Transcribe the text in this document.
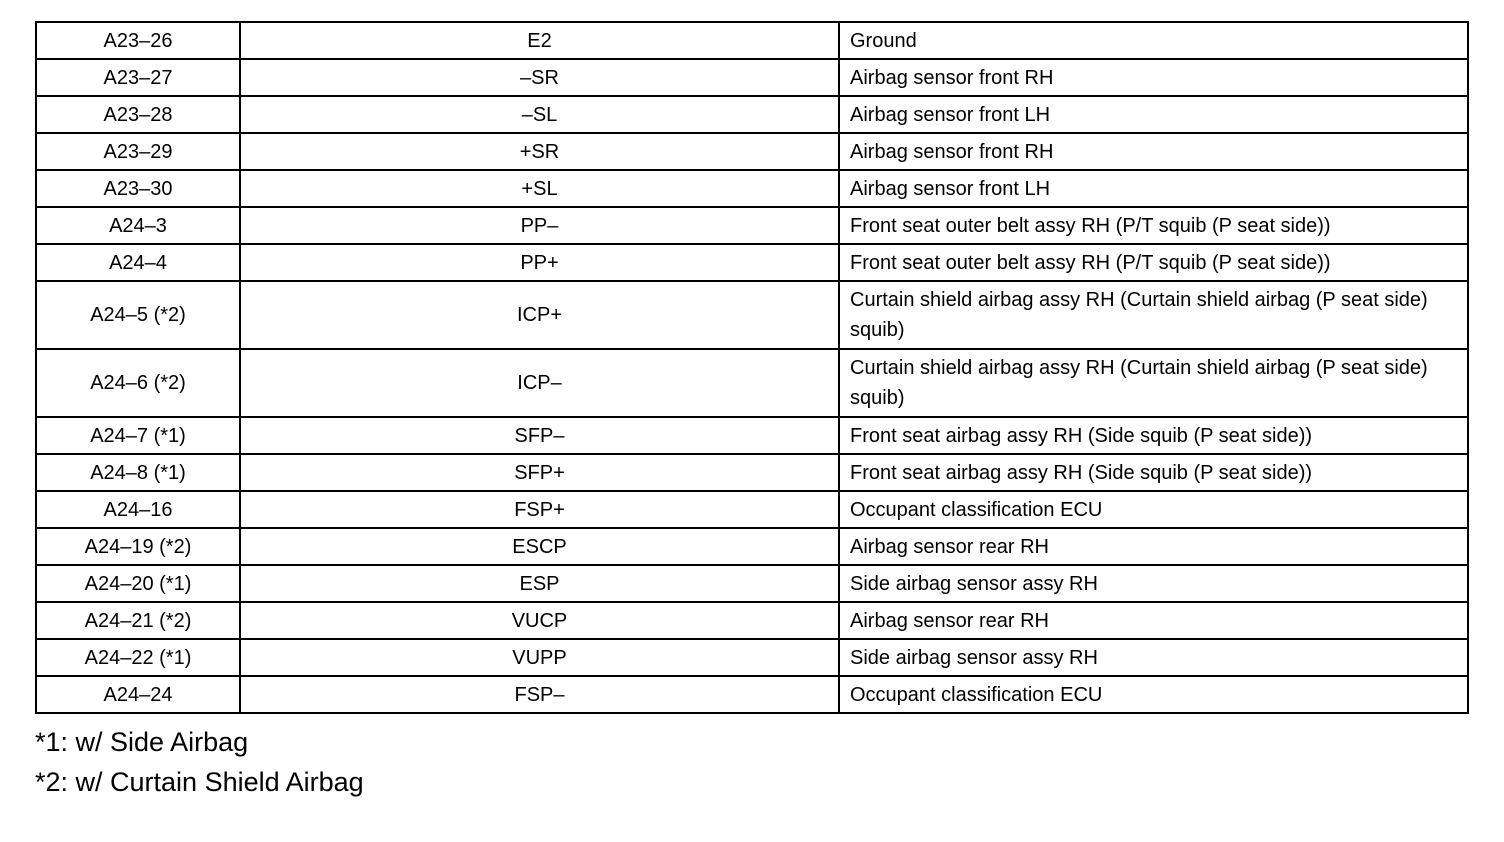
A23–26	E2	Ground
A23–27	–SR	Airbag sensor front RH
A23–28	–SL	Airbag sensor front LH
A23–29	+SR	Airbag sensor front RH
A23–30	+SL	Airbag sensor front LH
A24–3	PP–	Front seat outer belt assy RH (P/T squib (P seat side))
A24–4	PP+	Front seat outer belt assy RH (P/T squib (P seat side))
A24–5 (*2)	ICP+	Curtain shield airbag assy RH (Curtain shield airbag (P seat side) squib)
A24–6 (*2)	ICP–	Curtain shield airbag assy RH (Curtain shield airbag (P seat side) squib)
A24–7 (*1)	SFP–	Front seat airbag assy RH (Side squib (P seat side))
A24–8 (*1)	SFP+	Front seat airbag assy RH (Side squib (P seat side))
A24–16	FSP+	Occupant classification ECU
A24–19 (*2)	ESCP	Airbag sensor rear RH
A24–20 (*1)	ESP	Side airbag sensor assy RH
A24–21 (*2)	VUCP	Airbag sensor rear RH
A24–22 (*1)	VUPP	Side airbag sensor assy RH
A24–24	FSP–	Occupant classification ECU

*1: w/ Side Airbag

*2: w/ Curtain Shield Airbag
